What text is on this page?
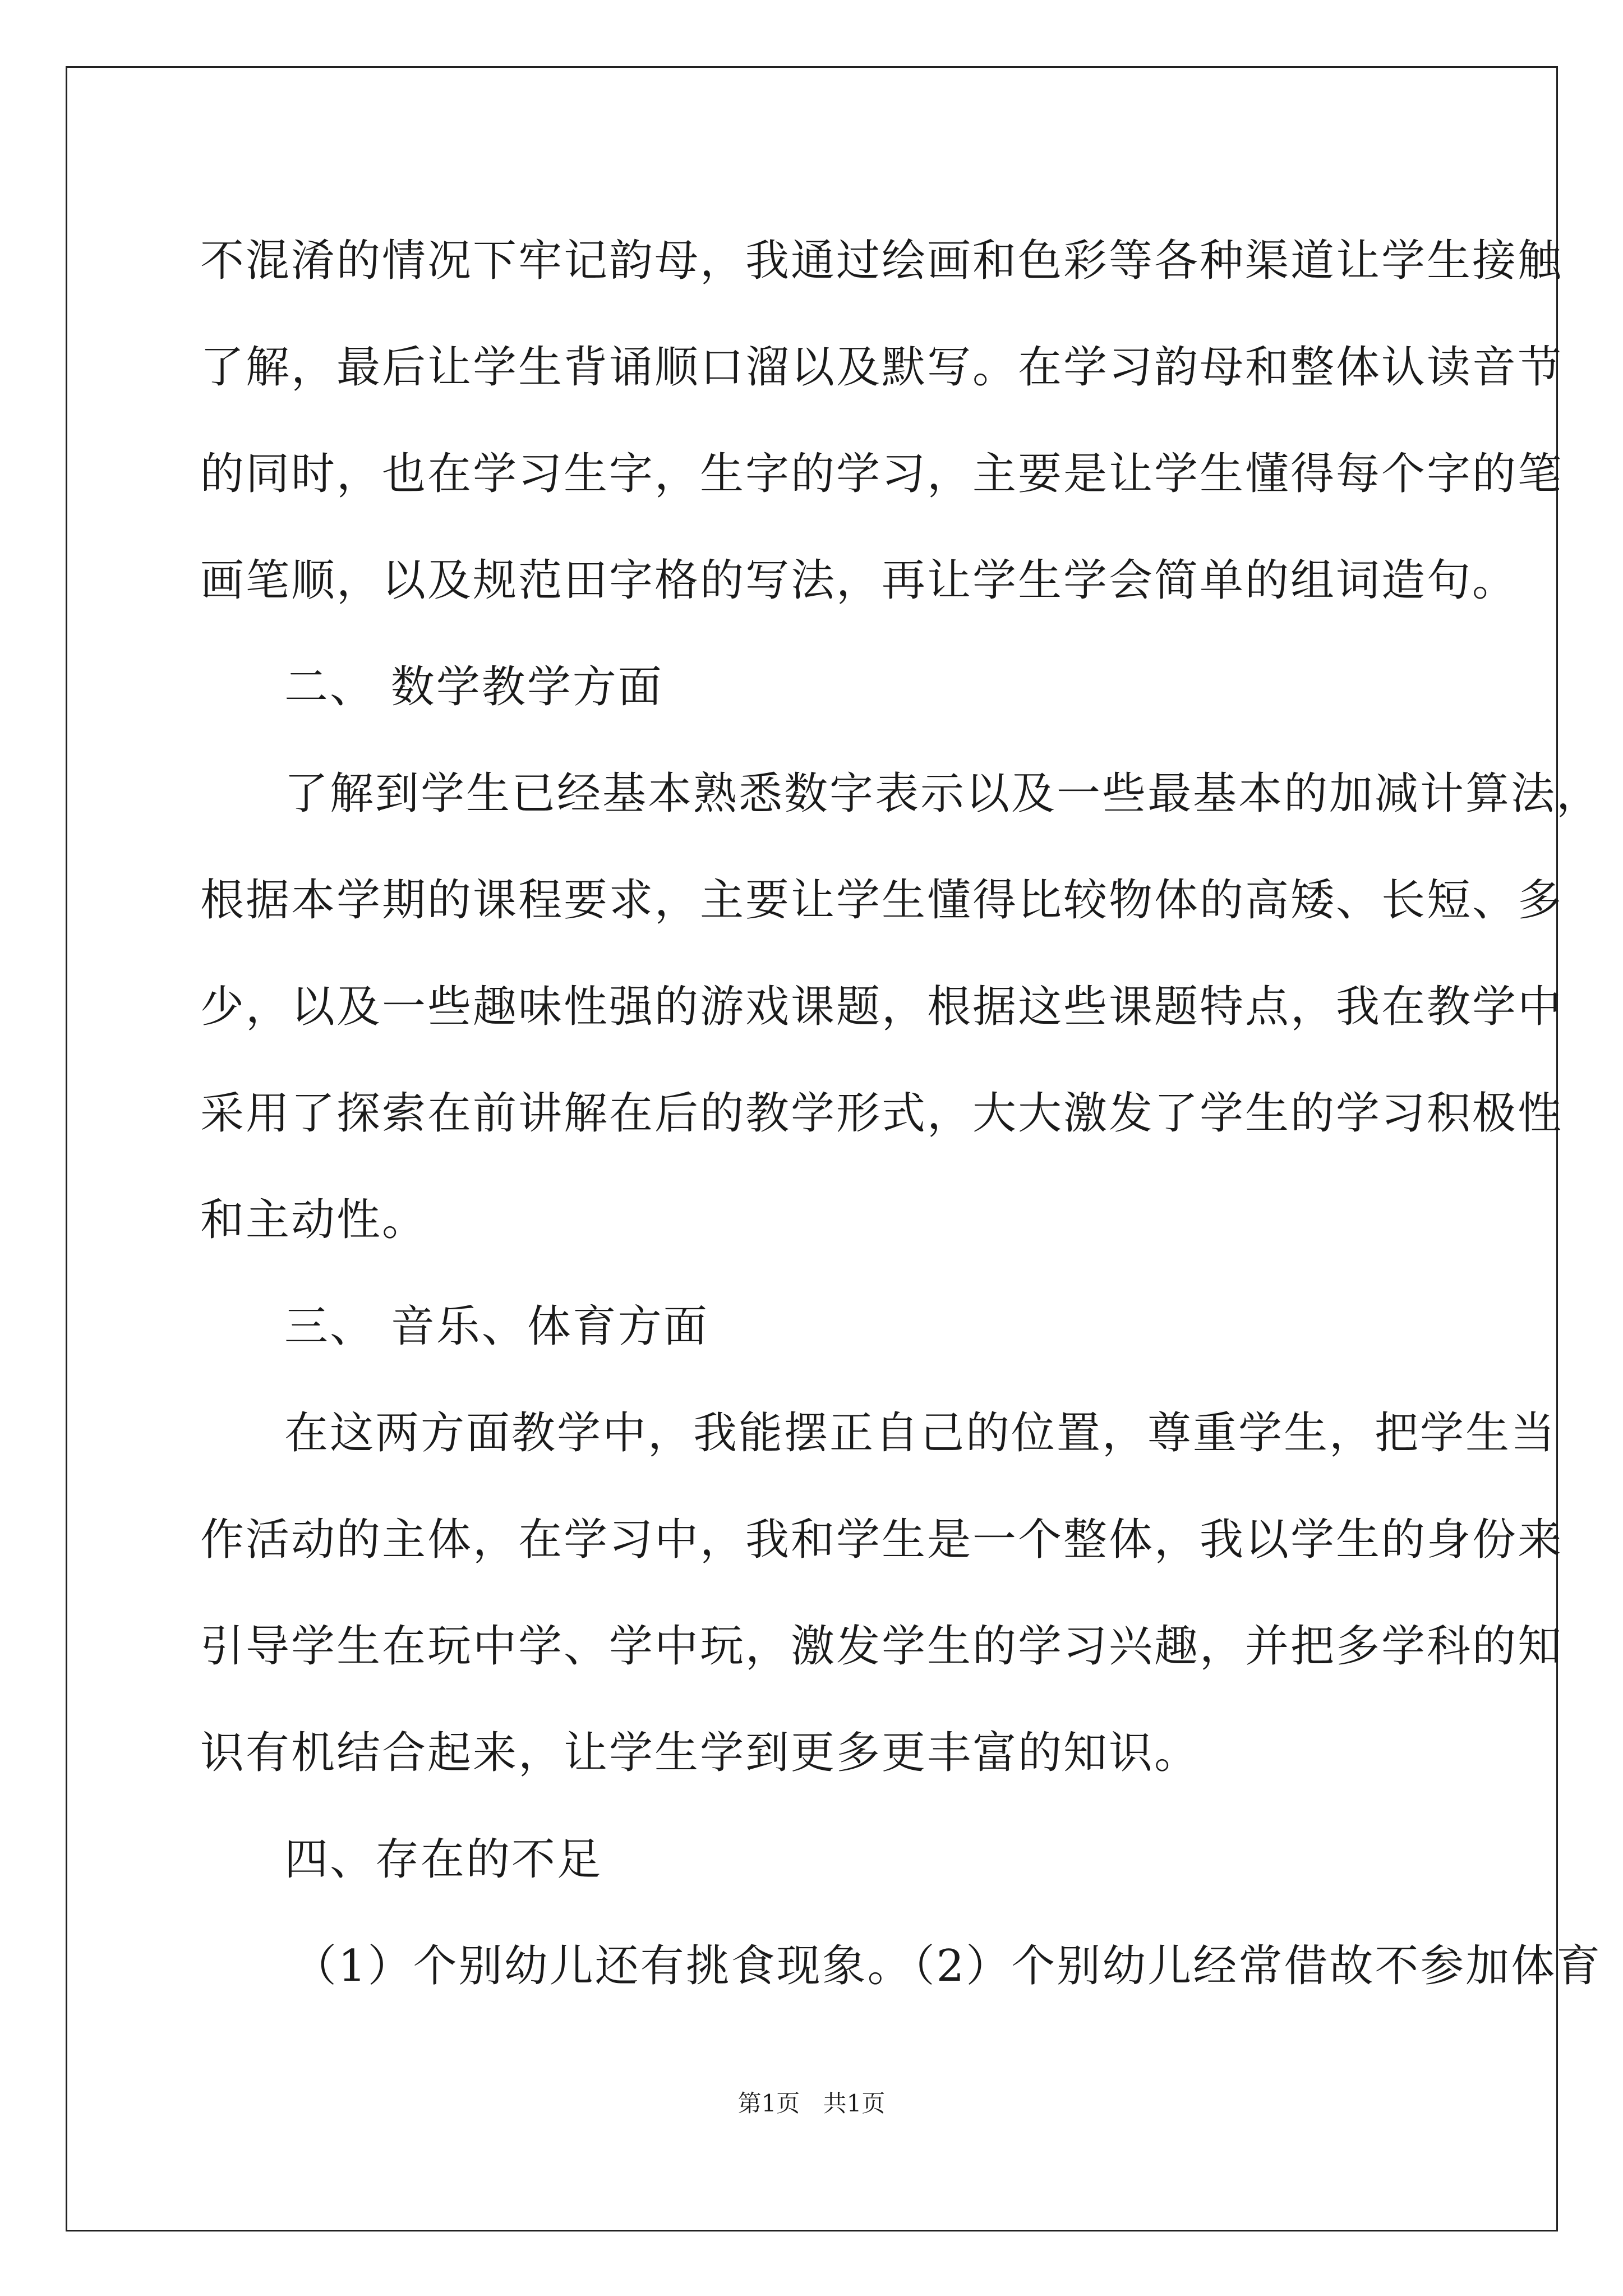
不混淆的情况下牢记韵母，我通过绘画和色彩等各种渠道让学生接触
了解，最后让学生背诵顺口溜以及默写。在学习韵母和整体认读音节
的同时，也在学习生字，生字的学习，主要是让学生懂得每个字的笔
画笔顺，以及规范田字格的写法，再让学生学会简单的组词造句。
二、 数学教学方面
了解到学生已经基本熟悉数字表示以及一些最基本的加减计算法，
根据本学期的课程要求，主要让学生懂得比较物体的高矮、长短、多
少，以及一些趣味性强的游戏课题，根据这些课题特点，我在教学中
采用了探索在前讲解在后的教学形式，大大激发了学生的学习积极性
和主动性。
三、 音乐、体育方面
在这两方面教学中，我能摆正自己的位置，尊重学生，把学生当
作活动的主体，在学习中，我和学生是一个整体，我以学生的身份来
引导学生在玩中学、学中玩，激发学生的学习兴趣，并把多学科的知
识有机结合起来，让学生学到更多更丰富的知识。
四、存在的不足
（1）个别幼儿还有挑食现象。（2）个别幼儿经常借故不参加体育
第1页 共1页
